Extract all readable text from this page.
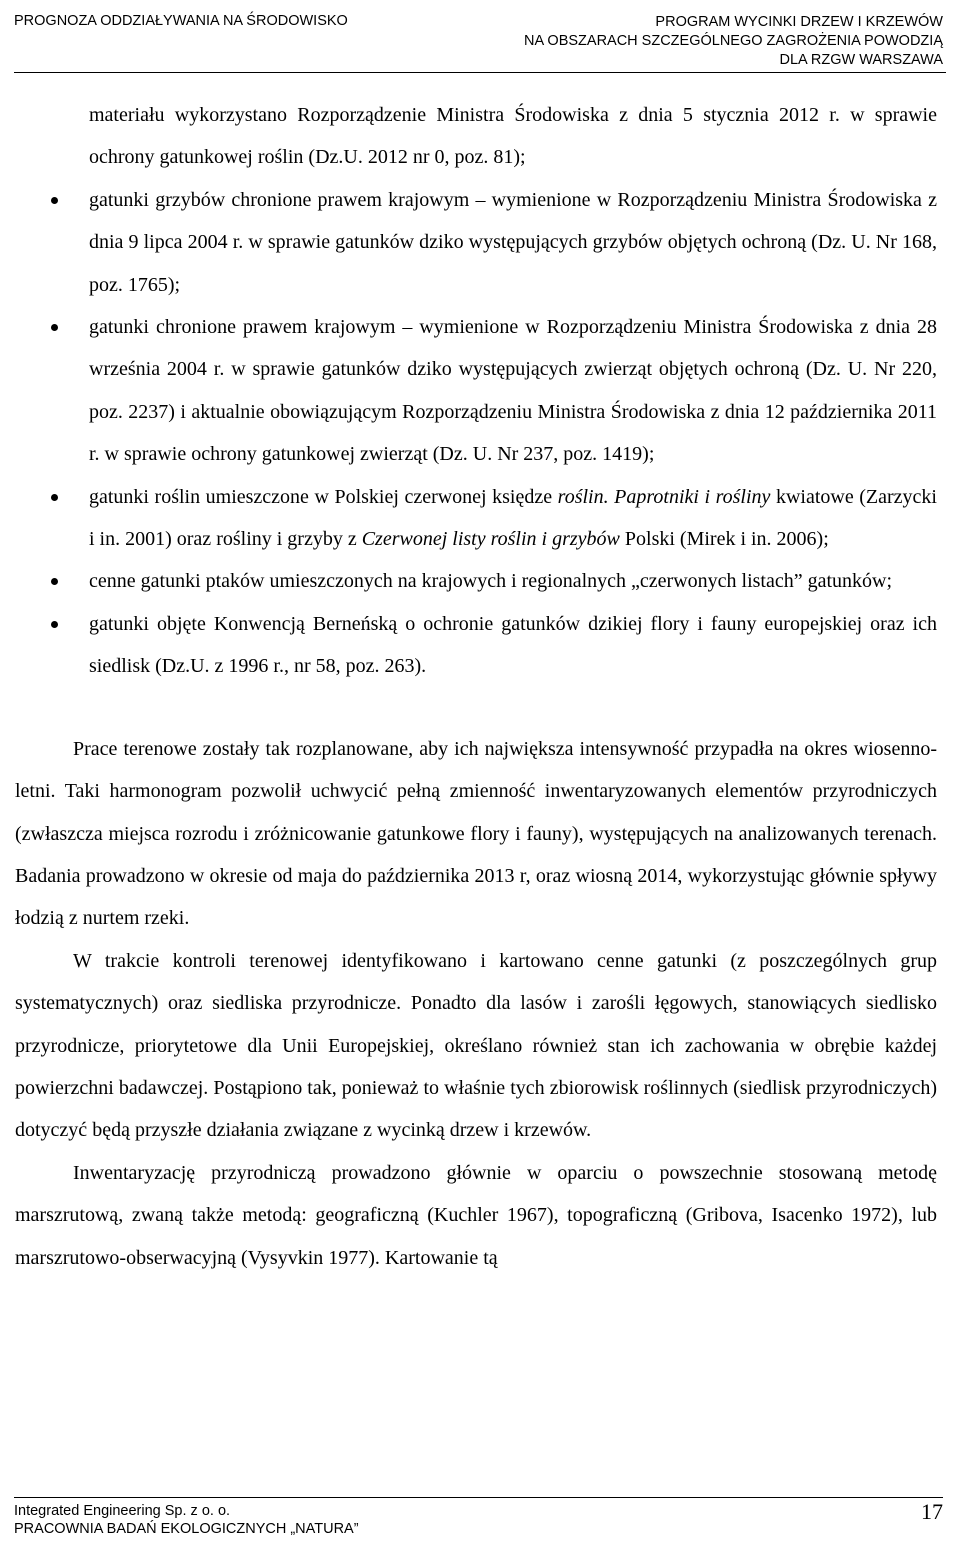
PROGNOZA ODDZIAŁYWANIA NA ŚRODOWISKO	PROGRAM WYCINKI DRZEW I KRZEWÓW
NA OBSZARACH SZCZEGÓLNEGO ZAGROŻENIA POWODZIĄ
DLA RZGW WARSZAWA
materiału wykorzystano Rozporządzenie Ministra Środowiska z dnia 5 stycznia 2012 r. w sprawie ochrony gatunkowej roślin (Dz.U. 2012 nr 0, poz. 81);
gatunki grzybów chronione prawem krajowym – wymienione w Rozporządzeniu Ministra Środowiska z dnia 9 lipca 2004 r. w sprawie gatunków dziko występujących grzybów objętych ochroną (Dz. U. Nr 168, poz. 1765);
gatunki chronione prawem krajowym – wymienione w Rozporządzeniu Ministra Środowiska z dnia 28 września 2004 r. w sprawie gatunków dziko występujących zwierząt objętych ochroną (Dz. U. Nr 220, poz. 2237) i aktualnie obowiązującym Rozporządzeniu Ministra Środowiska z dnia 12 października 2011 r. w sprawie ochrony gatunkowej zwierząt (Dz. U. Nr 237, poz. 1419);
gatunki roślin umieszczone w Polskiej czerwonej księdze roślin. Paprotniki i rośliny kwiatowe (Zarzycki i in. 2001) oraz rośliny i grzyby z Czerwonej listy roślin i grzybów Polski (Mirek i in. 2006);
cenne gatunki ptaków umieszczonych na krajowych i regionalnych „czerwonych listach” gatunków;
gatunki objęte Konwencją Berneńską o ochronie gatunków dzikiej flory i fauny europejskiej oraz ich siedlisk (Dz.U. z 1996 r., nr 58, poz. 263).

Prace terenowe zostały tak rozplanowane, aby ich największa intensywność przypadła na okres wiosenno-letni. Taki harmonogram pozwolił uchwycić pełną zmienność inwentaryzowanych elementów przyrodniczych (zwłaszcza miejsca rozrodu i zróżnicowanie gatunkowe flory i fauny), występujących na analizowanych terenach. Badania prowadzono w okresie od maja do października 2013 r, oraz wiosną 2014, wykorzystując głównie spływy łodzią z nurtem rzeki.

W trakcie kontroli terenowej identyfikowano i kartowano cenne gatunki (z poszczególnych grup systematycznych) oraz siedliska przyrodnicze. Ponadto dla lasów i zarośli łęgowych, stanowiących siedlisko przyrodnicze, priorytetowe dla Unii Europejskiej, określano również stan ich zachowania w obrębie każdej powierzchni badawczej. Postąpiono tak, ponieważ to właśnie tych zbiorowisk roślinnych (siedlisk przyrodniczych) dotyczyć będą przyszłe działania związane z wycinką drzew i krzewów.

Inwentaryzację przyrodniczą prowadzono głównie w oparciu o powszechnie stosowaną metodę marszrutową, zwaną także metodą: geograficzną (Kuchler 1967), topograficzną (Gribova, Isacenko 1972), lub marszrutowo-obserwacyjną (Vysyvkin 1977). Kartowanie tą

Integrated Engineering Sp. z o. o.
PRACOWNIA BADAŃ EKOLOGICZNYCH „NATURA”
17
